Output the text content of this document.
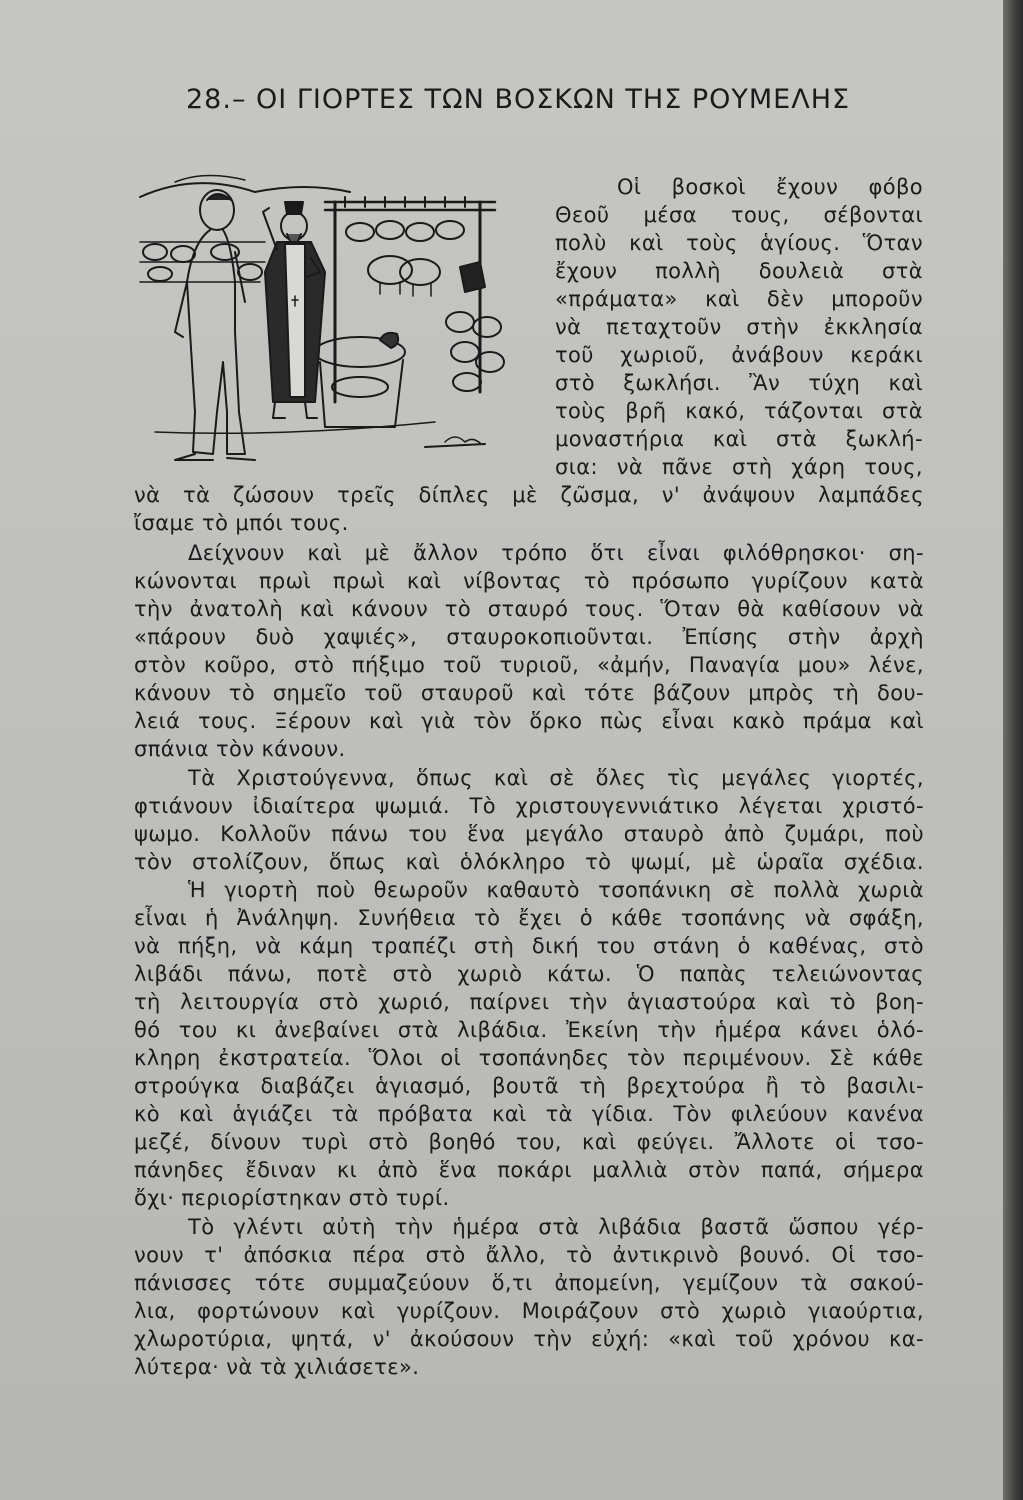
28.– ΟΙ ΓΙΟΡΤΕΣ ΤΩΝ ΒΟΣΚΩΝ ΤΗΣ ΡΟΥΜΕΛΗΣ
Οἱ βοσκοὶ ἔχουν φόβο
Θεοῦ μέσα τους, σέβονται
πολὺ καὶ τοὺς ἁγίους. Ὅταν
ἔχουν πολλὴ δουλειὰ στὰ
«πράματα» καὶ δὲν μποροῦν
νὰ πεταχτοῦν στὴν ἐκκλησία
τοῦ χωριοῦ, ἀνάβουν κεράκι
στὸ ξωκλήσι. Ἂν τύχη καὶ
τοὺς βρῆ κακό, τάζονται στὰ
μοναστήρια καὶ στὰ ξωκλή-
σια: νὰ πᾶνε στὴ χάρη τους,
νὰ τὰ ζώσουν τρεῖς δίπλες μὲ ζῶσμα, ν' ἀνάψουν λαμπάδες
ἴσαμε τὸ μπόι τους.
Δείχνουν καὶ μὲ ἄλλον τρόπο ὅτι εἶναι φιλόθρησκοι· ση-
κώνονται πρωὶ πρωὶ καὶ νίβοντας τὸ πρόσωπο γυρίζουν κατὰ
τὴν ἀνατολὴ καὶ κάνουν τὸ σταυρό τους. Ὅταν θὰ καθίσουν νὰ
«πάρουν δυὸ χαψιές», σταυροκοπιοῦνται. Ἐπίσης στὴν ἀρχὴ
στὸν κοῦρο, στὸ πήξιμο τοῦ τυριοῦ, «ἀμήν, Παναγία μου» λένε,
κάνουν τὸ σημεῖο τοῦ σταυροῦ καὶ τότε βάζουν μπρὸς τὴ δου-
λειά τους. Ξέρουν καὶ γιὰ τὸν ὅρκο πὼς εἶναι κακὸ πράμα καὶ
σπάνια τὸν κάνουν.
Τὰ Χριστούγεννα, ὅπως καὶ σὲ ὅλες τὶς μεγάλες γιορτές,
φτιάνουν ἰδιαίτερα ψωμιά. Τὸ χριστουγεννιάτικο λέγεται χριστό-
ψωμο. Κολλοῦν πάνω του ἕνα μεγάλο σταυρὸ ἀπὸ ζυμάρι, ποὺ
τὸν στολίζουν, ὅπως καὶ ὁλόκληρο τὸ ψωμί, μὲ ὡραῖα σχέδια.
Ἡ γιορτὴ ποὺ θεωροῦν καθαυτὸ τσοπάνικη σὲ πολλὰ χωριὰ
εἶναι ἡ Ἀνάληψη. Συνήθεια τὸ ἔχει ὁ κάθε τσοπάνης νὰ σφάξη,
νὰ πήξη, νὰ κάμη τραπέζι στὴ δική του στάνη ὁ καθένας, στὸ
λιβάδι πάνω, ποτὲ στὸ χωριὸ κάτω. Ὁ παπὰς τελειώνοντας
τὴ λειτουργία στὸ χωριό, παίρνει τὴν ἁγιαστούρα καὶ τὸ βοη-
θό του κι ἀνεβαίνει στὰ λιβάδια. Ἐκείνη τὴν ἡμέρα κάνει ὁλό-
κληρη ἐκστρατεία. Ὅλοι οἱ τσοπάνηδες τὸν περιμένουν. Σὲ κάθε
στρούγκα διαβάζει ἁγιασμό, βουτᾶ τὴ βρεχτούρα ἢ τὸ βασιλι-
κὸ καὶ ἁγιάζει τὰ πρόβατα καὶ τὰ γίδια. Τὸν φιλεύουν κανένα
μεζέ, δίνουν τυρὶ στὸ βοηθό του, καὶ φεύγει. Ἄλλοτε οἱ τσο-
πάνηδες ἔδιναν κι ἀπὸ ἕνα ποκάρι μαλλιὰ στὸν παπά, σήμερα
ὄχι· περιορίστηκαν στὸ τυρί.
Τὸ γλέντι αὐτὴ τὴν ἡμέρα στὰ λιβάδια βαστᾶ ὥσπου γέρ-
νουν τ' ἀπόσκια πέρα στὸ ἄλλο, τὸ ἀντικρινὸ βουνό. Οἱ τσο-
πάνισσες τότε συμμαζεύουν ὅ,τι ἀπομείνη, γεμίζουν τὰ σακού-
λια, φορτώνουν καὶ γυρίζουν. Μοιράζουν στὸ χωριὸ γιαούρτια,
χλωροτύρια, ψητά, ν' ἀκούσουν τὴν εὐχή: «καὶ τοῦ χρόνου κα-
λύτερα· νὰ τὰ χιλιάσετε».
